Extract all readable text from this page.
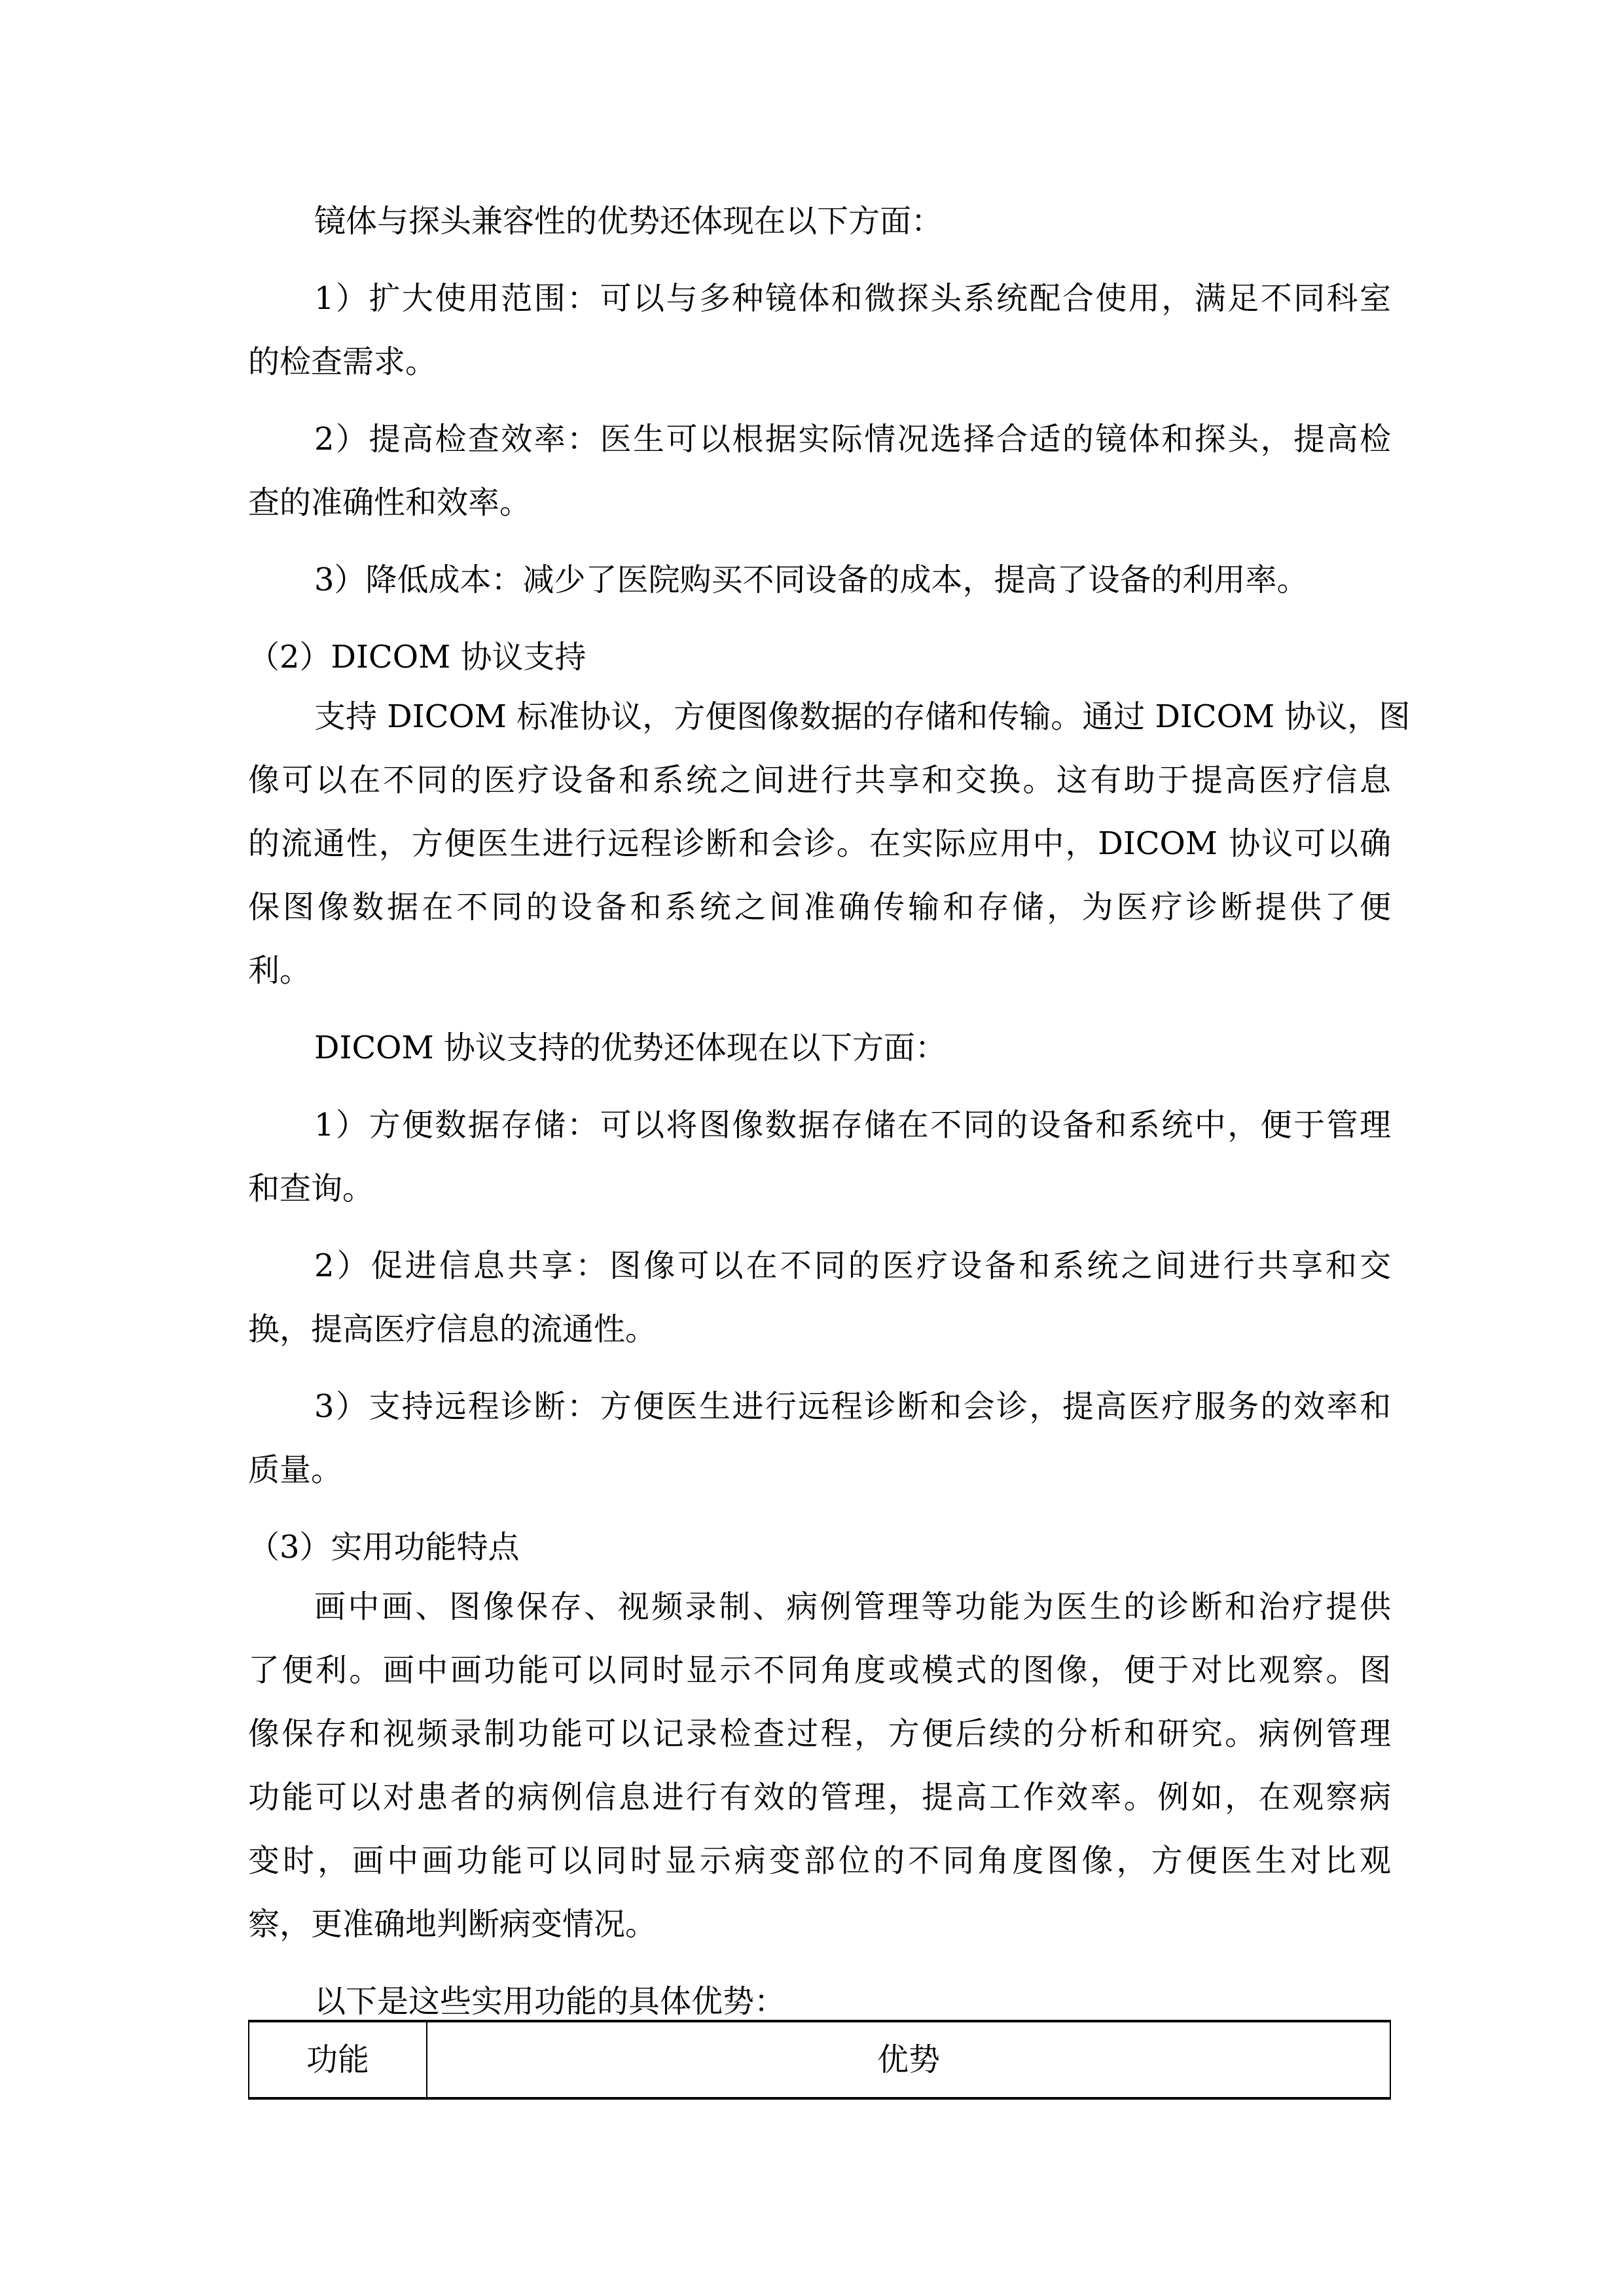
镜体与探头兼容性的优势还体现在以下方面：
1）扩大使用范围：可以与多种镜体和微探头系统配合使用，满足不同科室
的检查需求。
2）提高检查效率：医生可以根据实际情况选择合适的镜体和探头，提高检
查的准确性和效率。
3）降低成本：减少了医院购买不同设备的成本，提高了设备的利用率。
（2）DICOM 协议支持
支持 DICOM 标准协议，方便图像数据的存储和传输。通过 DICOM 协议，图
像可以在不同的医疗设备和系统之间进行共享和交换。这有助于提高医疗信息
的流通性，方便医生进行远程诊断和会诊。在实际应用中，DICOM 协议可以确
保图像数据在不同的设备和系统之间准确传输和存储，为医疗诊断提供了便
利。
DICOM 协议支持的优势还体现在以下方面：
1）方便数据存储：可以将图像数据存储在不同的设备和系统中，便于管理
和查询。
2）促进信息共享：图像可以在不同的医疗设备和系统之间进行共享和交
换，提高医疗信息的流通性。
3）支持远程诊断：方便医生进行远程诊断和会诊，提高医疗服务的效率和
质量。
（3）实用功能特点
画中画、图像保存、视频录制、病例管理等功能为医生的诊断和治疗提供
了便利。画中画功能可以同时显示不同角度或模式的图像，便于对比观察。图
像保存和视频录制功能可以记录检查过程，方便后续的分析和研究。病例管理
功能可以对患者的病例信息进行有效的管理，提高工作效率。例如，在观察病
变时，画中画功能可以同时显示病变部位的不同角度图像，方便医生对比观
察，更准确地判断病变情况。
以下是这些实用功能的具体优势：
功能	优势
